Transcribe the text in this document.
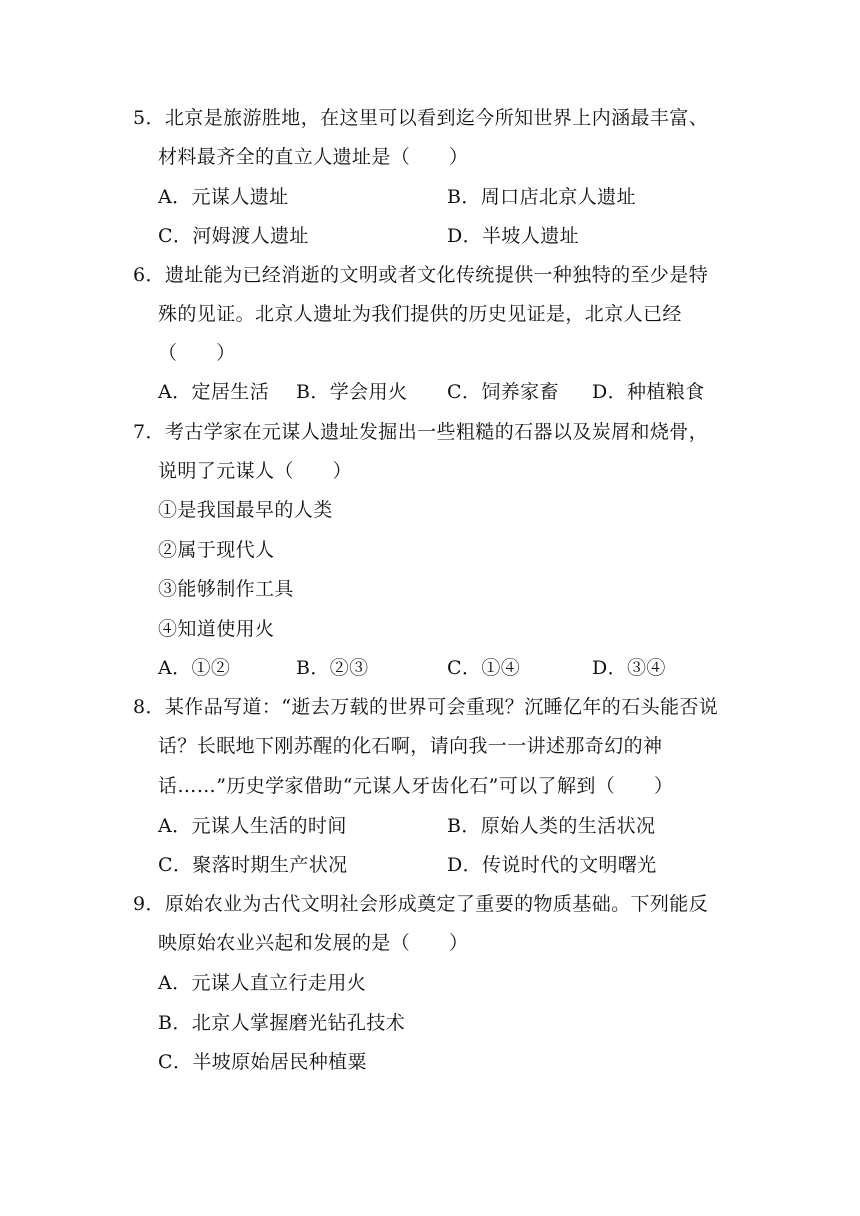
5．北京是旅游胜地，在这里可以看到迄今所知世界上内涵最丰富、
材料最齐全的直立人遗址是（　　）
A．元谋人遗址	B．周口店北京人遗址
C．河姆渡人遗址	D．半坡人遗址
6．遗址能为已经消逝的文明或者文化传统提供一种独特的至少是特
殊的见证。北京人遗址为我们提供的历史见证是，北京人已经
（　　）
A．定居生活 B．学会用火 C．饲养家畜 D．种植粮食
7．考古学家在元谋人遗址发掘出一些粗糙的石器以及炭屑和烧骨，
说明了元谋人（　　）
①是我国最早的人类
②属于现代人
③能够制作工具
④知道使用火
A．①②	B．②③	C．①④	D．③④
8．某作品写道：“逝去万载的世界可会重现？沉睡亿年的石头能否说
话？长眠地下刚苏醒的化石啊，请向我一一讲述那奇幻的神
话……”历史学家借助“元谋人牙齿化石”可以了解到（　　）
A．元谋人生活的时间	B．原始人类的生活状况
C．聚落时期生产状况	D．传说时代的文明曙光
9．原始农业为古代文明社会形成奠定了重要的物质基础。下列能反
映原始农业兴起和发展的是（　　）
A．元谋人直立行走用火
B．北京人掌握磨光钻孔技术
C．半坡原始居民种植粟
